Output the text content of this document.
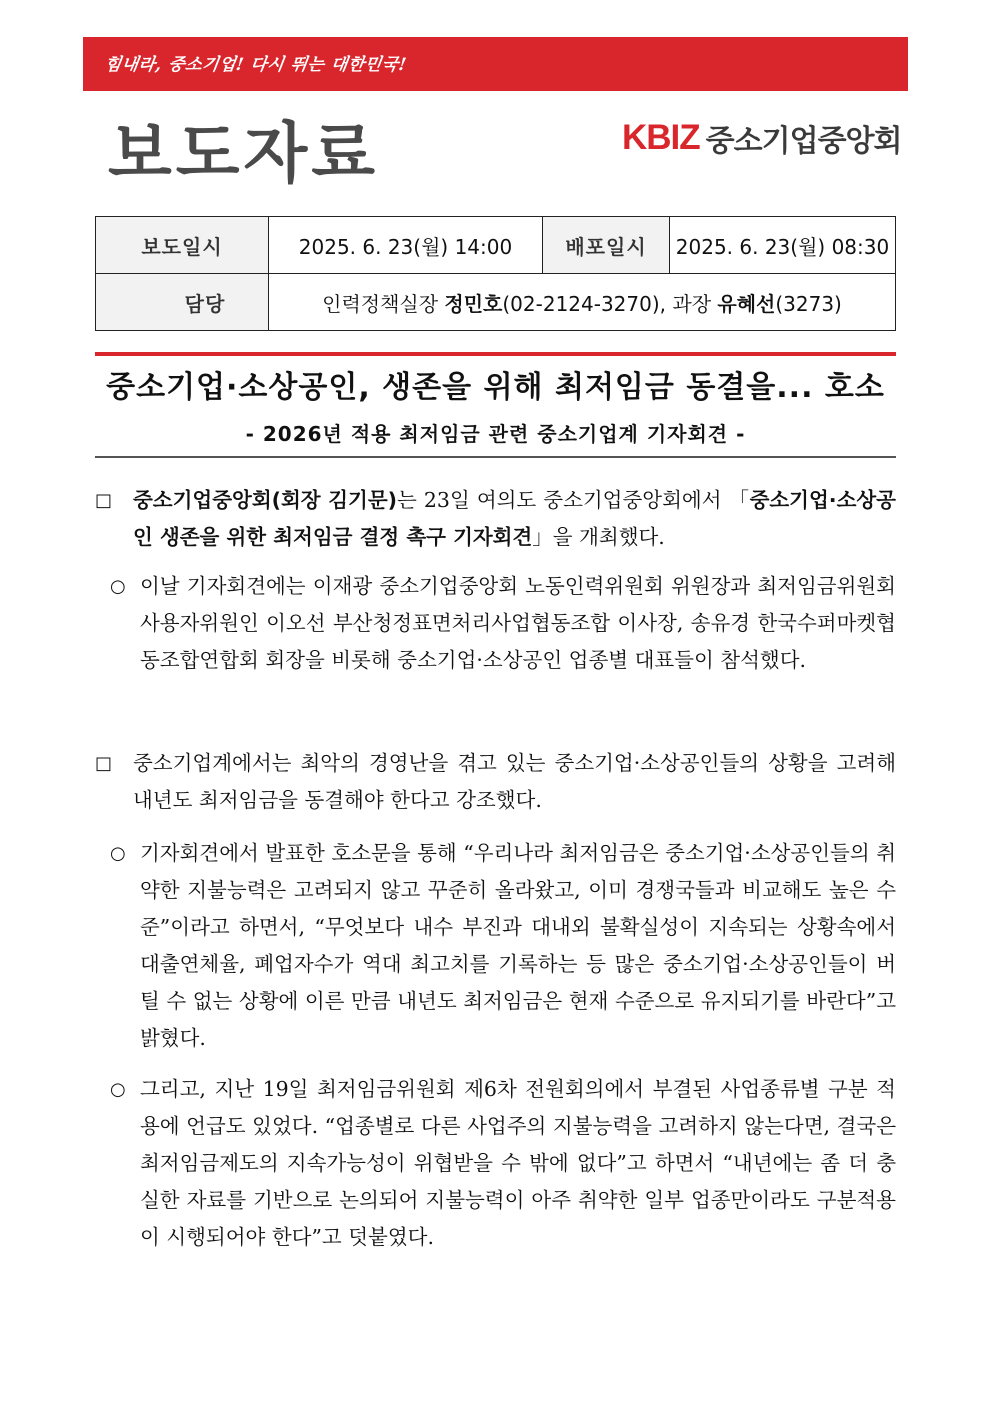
힘내라, 중소기업! 다시 뛰는 대한민국!
보도자료	KBIZ 중소기업중앙회
보도일시	2025. 6. 23(월) 14:00	배포일시	2025. 6. 23(월) 08:30
담당	인력정책실장 정민호(02-2124-3270), 과장 유혜선(3273)		
중소기업·소상공인, 생존을 위해 최저임금 동결을... 호소
- 2026년 적용 최저임금 관련 중소기업계 기자회견 -
□ 중소기업중앙회(회장 김기문)는 23일 여의도 중소기업중앙회에서 「중소기업·소상공인 생존을 위한 최저임금 결정 촉구 기자회견」을 개최했다.
○ 이날 기자회견에는 이재광 중소기업중앙회 노동인력위원회 위원장과 최저임금위원회 사용자위원인 이오선 부산청정표면처리사업협동조합 이사장, 송유경 한국수퍼마켓협동조합연합회 회장을 비롯해 중소기업·소상공인 업종별 대표들이 참석했다.
□ 중소기업계에서는 최악의 경영난을 겪고 있는 중소기업·소상공인들의 상황을 고려해 내년도 최저임금을 동결해야 한다고 강조했다.
○ 기자회견에서 발표한 호소문을 통해 “우리나라 최저임금은 중소기업·소상공인들의 취약한 지불능력은 고려되지 않고 꾸준히 올라왔고, 이미 경쟁국들과 비교해도 높은 수준”이라고 하면서, “무엇보다 내수 부진과 대내외 불확실성이 지속되는 상황속에서 대출연체율, 폐업자수가 역대 최고치를 기록하는 등 많은 중소기업·소상공인들이 버틸 수 없는 상황에 이른 만큼 내년도 최저임금은 현재 수준으로 유지되기를 바란다”고 밝혔다.
○ 그리고, 지난 19일 최저임금위원회 제6차 전원회의에서 부결된 사업종류별 구분 적용에 언급도 있었다. “업종별로 다른 사업주의 지불능력을 고려하지 않는다면, 결국은 최저임금제도의 지속가능성이 위협받을 수 밖에 없다”고 하면서 “내년에는 좀 더 충실한 자료를 기반으로 논의되어 지불능력이 아주 취약한 일부 업종만이라도 구분적용이 시행되어야 한다”고 덧붙였다.
